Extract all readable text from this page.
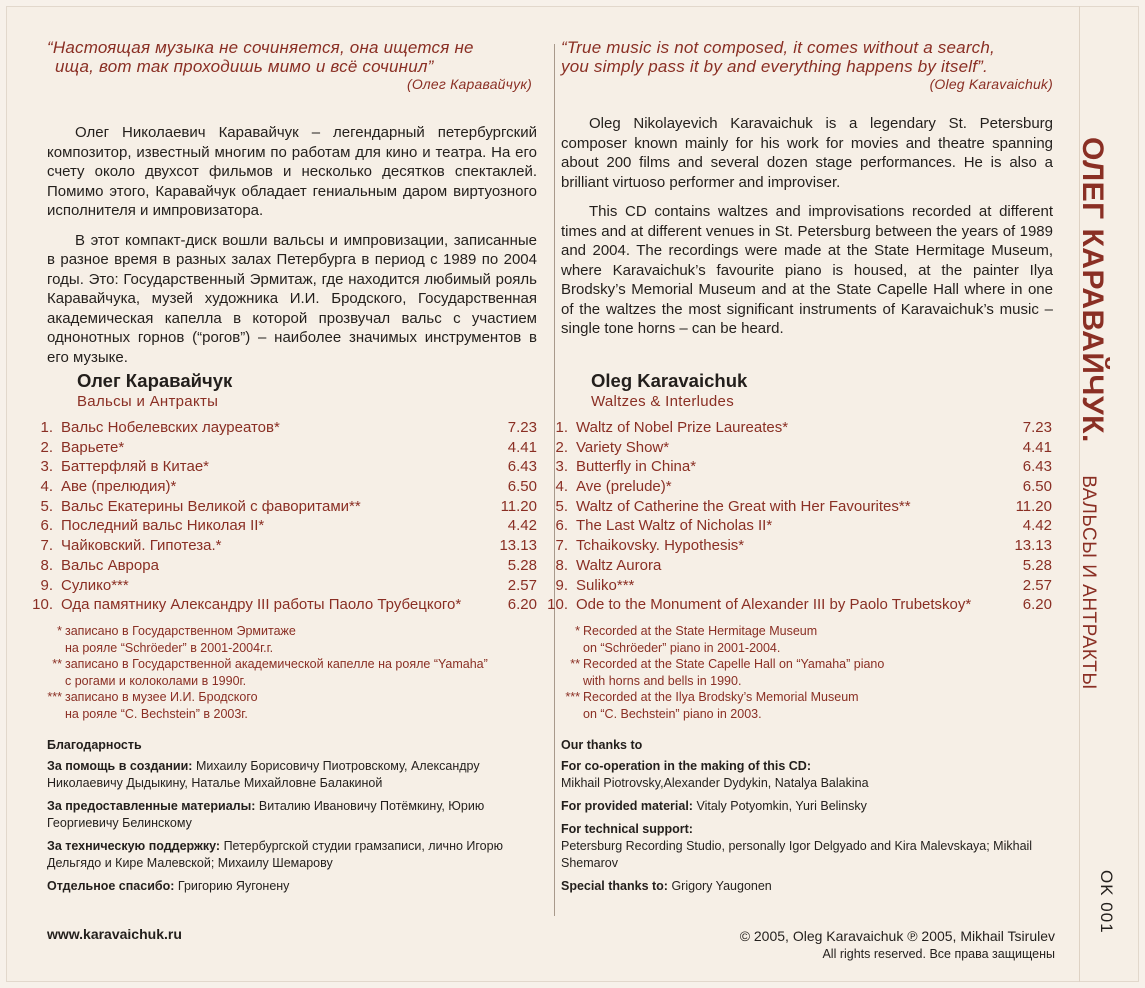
“Настоящая музыка не сочиняется, она ищется не
ища, вот так проходишь мимо и всё сочинил”
(Олег Каравайчук)

Олег Николаевич Каравайчук – легендарный петербургский композитор, известный многим по работам для кино и театра. На его счету около двухсот фильмов и несколько десятков спектаклей. Помимо этого, Каравайчук обладает гениальным даром виртуозного исполнителя и импровизатора.

В этот компакт-диск вошли вальсы и импровизации, записанные в разное время в разных залах Петербурга в период с 1989 по 2004 годы. Это: Государственный Эрмитаж, где находится любимый рояль Каравайчука, музей художника И.И. Бродского, Государственная академическая капелла в которой прозвучал вальс с участием однонотных горнов (“рогов”) – наиболее значимых инструментов в его музыке.

Олег Каравайчук
Вальсы и Антракты
1. Вальс Нобелевских лауреатов*	7.23
2. Варьете*	4.41
3. Баттерфляй в Китае*	6.43
4. Аве (прелюдия)*	6.50
5. Вальс Екатерины Великой с фаворитами**	11.20
6. Последний вальс Николая II*	4.42
7. Чайковский. Гипотеза.*	13.13
8. Вальс Аврора	5.28
9. Сулико***	2.57
10. Ода памятнику Александру III работы Паоло Трубецкого*	6.20
* записано в Государственном Эрмитаже
на рояле “Schröeder” в 2001-2004г.г.
** записано в Государственной академической капелле на рояле “Yamaha”
с рогами и колоколами в 1990г.
*** записано в музее И.И. Бродского
на рояле “C. Bechstein” в 2003г.
Благодарность
За помощь в создании: Михаилу Борисовичу Пиотровскому, Александру Николаевичу Дыдыкину, Наталье Михайловне Балакиной
За предоставленные материалы: Виталию Ивановичу Потёмкину, Юрию Георгиевичу Белинскому
За техническую поддержку: Петербургской студии грамзаписи, лично Игорю Дельгядо и Кире Малевской; Михаилу Шемарову
Отдельное спасибо: Григорию Яугонену
“True music is not composed, it comes without a search,
you simply pass it by and everything happens by itself”.
(Oleg Karavaichuk)

Oleg Nikolayevich Karavaichuk is a legendary St. Petersburg composer known mainly for his work for movies and theatre spanning about 200 films and several dozen stage performances. He is also a brilliant virtuoso performer and improviser.

This CD contains waltzes and improvisations recorded at different times and at different venues in St. Petersburg between the years of 1989 and 2004. The recordings were made at the State Hermitage Museum, where Karavaichuk’s favourite piano is housed, at the painter Ilya Brodsky’s Memorial Museum and at the State Capelle Hall where in one of the waltzes the most significant instruments of Karavaichuk’s music – single tone horns – can be heard.

Oleg Karavaichuk
Waltzes & Interludes
1. Waltz of Nobel Prize Laureates*	7.23
2. Variety Show*	4.41
3. Butterfly in China*	6.43
4. Ave (prelude)*	6.50
5. Waltz of Catherine the Great with Her Favourites**	11.20
6. The Last Waltz of Nicholas II*	4.42
7. Tchaikovsky. Hypothesis*	13.13
8. Waltz Aurora	5.28
9. Suliko***	2.57
10. Ode to the Monument of Alexander III by Paolo Trubetskoy*	6.20
* Recorded at the State Hermitage Museum
on “Schröeder” piano in 2001-2004.
** Recorded at the State Capelle Hall on “Yamaha” piano
with horns and bells in 1990.
*** Recorded at the Ilya Brodsky’s Memorial Museum
on “C. Bechstein” piano in 2003.
Our thanks to
For co-operation in the making of this CD:
Mikhail Piotrovsky,Alexander Dydykin, Natalya Balakina
For provided material: Vitaly Potyomkin, Yuri Belinsky
For technical support:
Petersburg Recording Studio, personally Igor Delgyado and Kira Malevskaya; Mikhail Shemarov
Special thanks to: Grigory Yaugonen
www.karavaichuk.ru	© 2005, Oleg Karavaichuk ℗ 2005, Mikhail Tsirulev
All rights reserved. Все права защищены
ОЛЕГ КАРАВАЙЧУК. ВАЛЬСЫ И АНТРАКТЫ
OK 001
